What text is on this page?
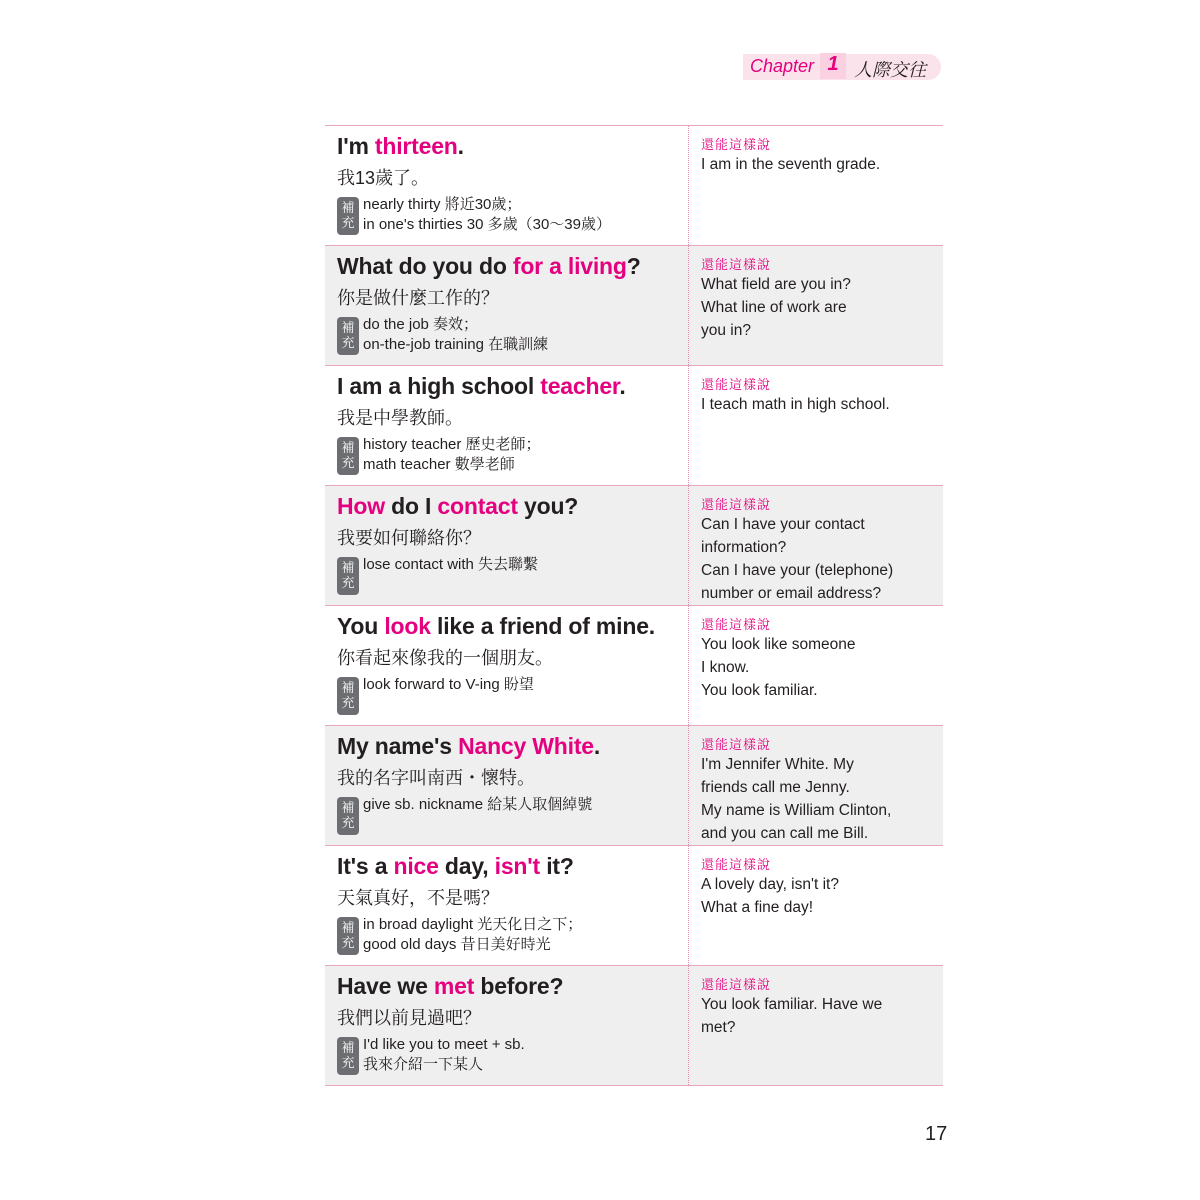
Chapter 1 人際交往
I'm thirteen.
我13歲了。
補
充
nearly thirty 將近30歲；
in one's thirties 30 多歲（30～39歲）
還能這樣說
I am in the seventh grade.
What do you do for a living?
你是做什麼工作的？
補
充
do the job 奏效；
on-the-job training 在職訓練
還能這樣說
What field are you in?
What line of work are
you in?
I am a high school teacher.
我是中學教師。
補
充
history teacher 歷史老師；
math teacher 數學老師
還能這樣說
I teach math in high school.
How do I contact you?
我要如何聯絡你？
補
充
lose contact with 失去聯繫
還能這樣說
Can I have your contact
information?
Can I have your (telephone)
number or email address?
You look like a friend of mine.
你看起來像我的一個朋友。
補
充
look forward to V-ing 盼望
還能這樣說
You look like someone
I know.
You look familiar.
My name's Nancy White.
我的名字叫南西・懷特。
補
充
give sb. nickname 給某人取個綽號
還能這樣說
I'm Jennifer White. My
friends call me Jenny.
My name is William Clinton,
and you can call me Bill.
It's a nice day, isn't it?
天氣真好，不是嗎？
補
充
in broad daylight 光天化日之下；
good old days 昔日美好時光
還能這樣說
A lovely day, isn't it?
What a fine day!
Have we met before?
我們以前見過吧？
補
充
I'd like you to meet + sb.
我來介紹一下某人
還能這樣說
You look familiar. Have we
met?
17
